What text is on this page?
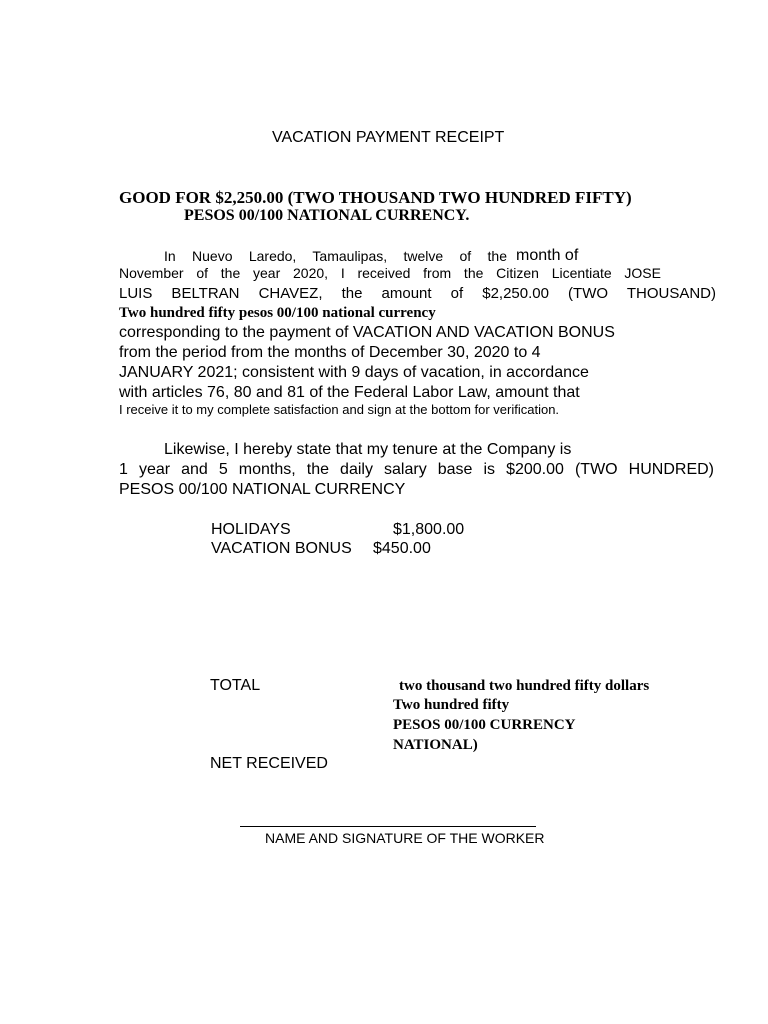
VACATION PAYMENT RECEIPT
GOOD FOR $2,250.00 (TWO THOUSAND TWO HUNDRED FIFTY)
PESOS 00/100 NATIONAL CURRENCY.
In Nuevo Laredo, Tamaulipas, twelve of the month of
November of the year 2020, I received from the Citizen Licentiate JOSE
LUIS BELTRAN CHAVEZ, the amount of $2,250.00 (TWO THOUSAND)
Two hundred fifty pesos 00/100 national currency
corresponding to the payment of VACATION AND VACATION BONUS
from the period from the months of December 30, 2020 to 4
JANUARY 2021; consistent with 9 days of vacation, in accordance
with articles 76, 80 and 81 of the Federal Labor Law, amount that
I receive it to my complete satisfaction and sign at the bottom for verification.
Likewise, I hereby state that my tenure at the Company is
1 year and 5 months, the daily salary base is $200.00 (TWO HUNDRED)
PESOS 00/100 NATIONAL CURRENCY
HOLIDAYS	$1,800.00
VACATION BONUS $450.00
TOTAL	two thousand two hundred fifty dollars
Two hundred fifty
PESOS 00/100 CURRENCY
NATIONAL)
NET RECEIVED
NAME AND SIGNATURE OF THE WORKER
